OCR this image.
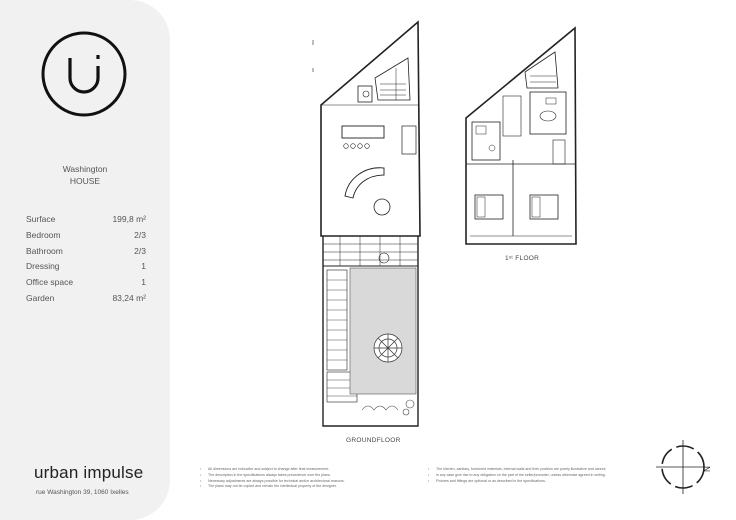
Washington
HOUSE
Surface	199,8 m²
Bedroom	2/3
Bathroom	2/3
Dressing	1
Office space	1
Garden	83,24 m²
urban impulse
rue Washington 39, 1060 Ixelles
GROUNDFLOOR
1ˢᵗ FLOOR
• All dimensions are indicative and subject to change after final measurement.
• The description in the specifications always takes precedence over the plans.
• Necessary adjustments are always possible for technical and/or architectural reasons.
• The plans may not be copied and remain the intellectual property of the designer.
• The kitchen, sanitary, furnitured materials, internal walls and their position are purely illustrative and cannot
• in any case give rise to any obligation on the part of the seller/promoter, unless otherwise agreed in writing.
• Fixtures and fittings are optional or as described in the specifications.
N
